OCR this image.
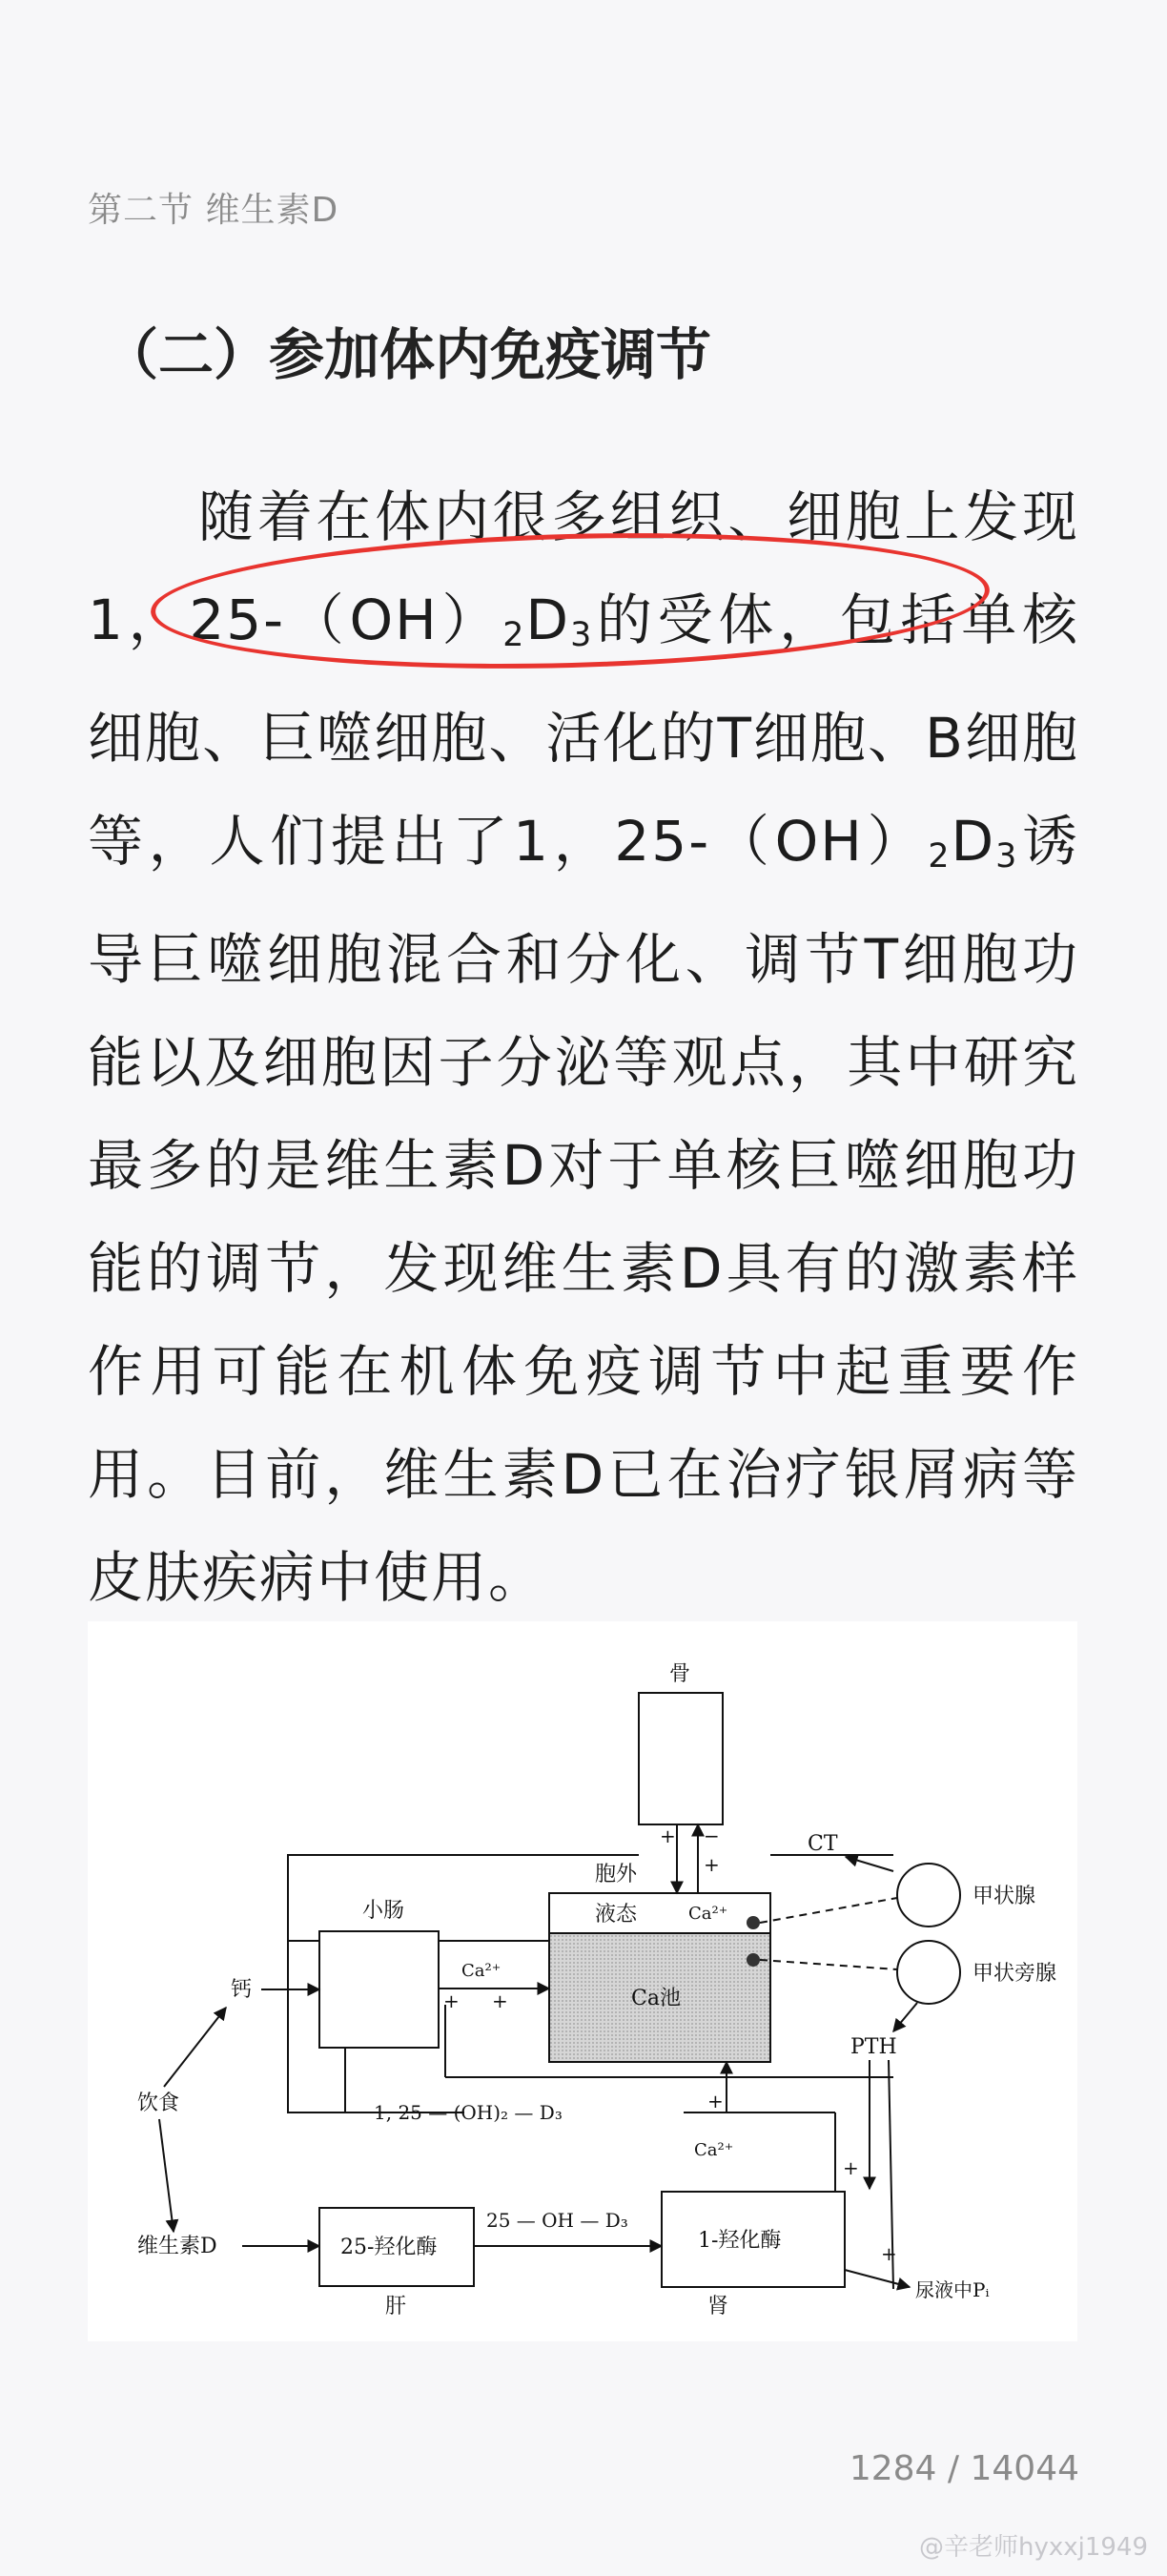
第二节 维生素D
（二）参加体内免疫调节
随着在体内很多组织、细胞上发现1，$25-(OH)_2D_3$的受体，包括单核细胞、巨噬细胞、活化的T细胞、B细胞等，人们提出了1，$25-(OH)_2D_3$诱导巨噬细胞混合和分化、调节T细胞功能以及细胞因子分泌等观点，其中研究最多的是维生素D对于单核巨噬细胞功能的调节，发现维生素D具有的激素样作用可能在机体免疫调节中起重要作用。目前，维生素D已在治疗银屑病等皮肤疾病中使用。
骨
胞外
液态	Ca²⁺
Ca池
+ −
+
小肠
Ca²⁺
+ +
钙
饮食	1, 25 — (OH)₂ — D₃
Ca²⁺
+
CT
甲状腺
甲状旁腺
PTH
+
维生素D	25-羟化酶
肝
25 — OH — D₃
1-羟化酶
肾
尿液中Pᵢ
+
1284 / 14044
@辛老师hyxxj1949
